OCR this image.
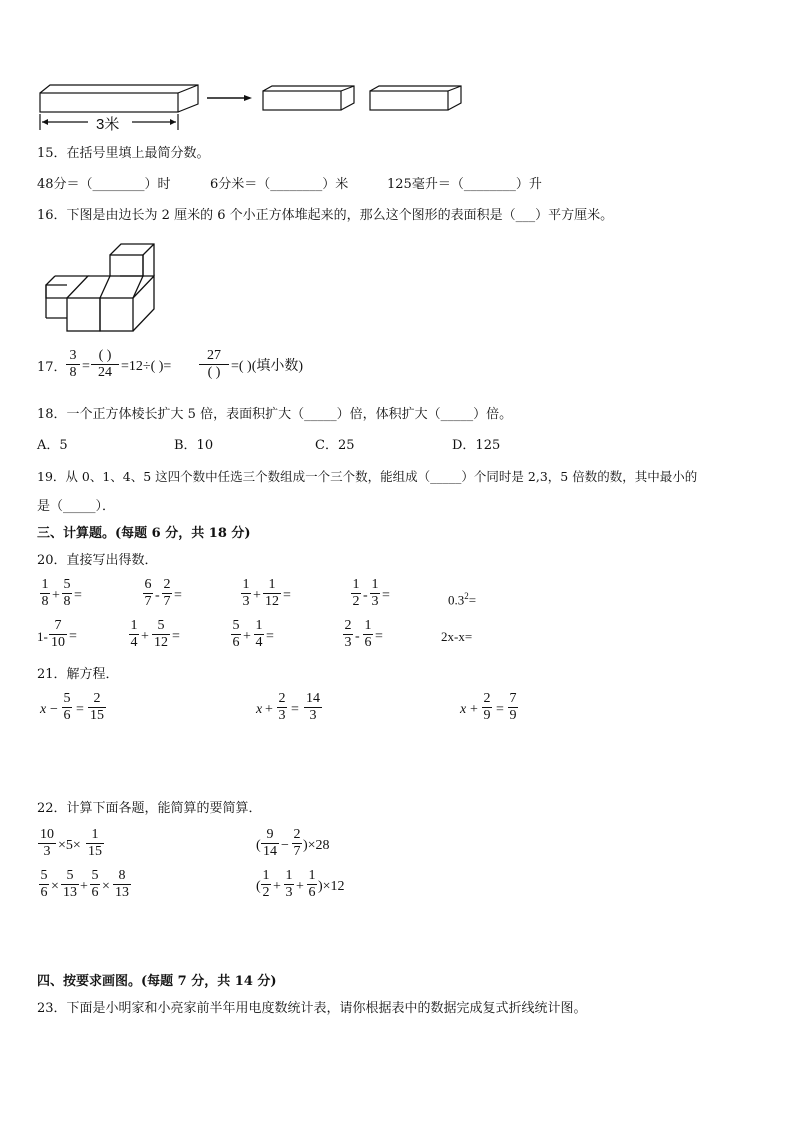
3米
15．在括号里填上最简分数。
48分＝（________）时	6分米＝（________）米	125毫升＝（________）升
16．下图是由边长为 2 厘米的 6 个小正方体堆起来的，那么这个图形的表面积是（___）平方厘米。
17．
3
8 =
( )
24 =12÷( )=
27
( ) =( )(填小数)
18．一个正方体棱长扩大 5 倍，表面积扩大（_____）倍，体积扩大（_____）倍。
A．5	B．10	C．25	D．125
19．从 0、1、4、5 这四个数中任选三个数组成一个三个数，能组成（_____）个同时是 2,3，5 倍数的数，其中最小的
是（_____）．
三、计算题。(每题 6 分，共 18 分)
20．直接写出得数．
1
8 +
5
8 =
6
7 -
2
7 =
1
3 +
1
12 =
1
2 -
1
3 =	$0.3^2=$
1-
7
10 =
1
4 +
5
12 =
5
6 +
1
4 =
2
3 -
1
6 =	2x-x=
21．解方程．
x −
5
6 =
2
15	x +
2
3 =
14
3	x +
2
9 =
7
9
22．计算下面各题，能简算的要简算．
10
3 ×5×
1
15	(
9
14 −
2
7 )×28
5
6 ×
5
13 +
5
6 ×
8
13	(
1
2 +
1
3 +
1
6 )×12
四、按要求画图。(每题 7 分，共 14 分)
23．下面是小明家和小亮家前半年用电度数统计表，请你根据表中的数据完成复式折线统计图。
